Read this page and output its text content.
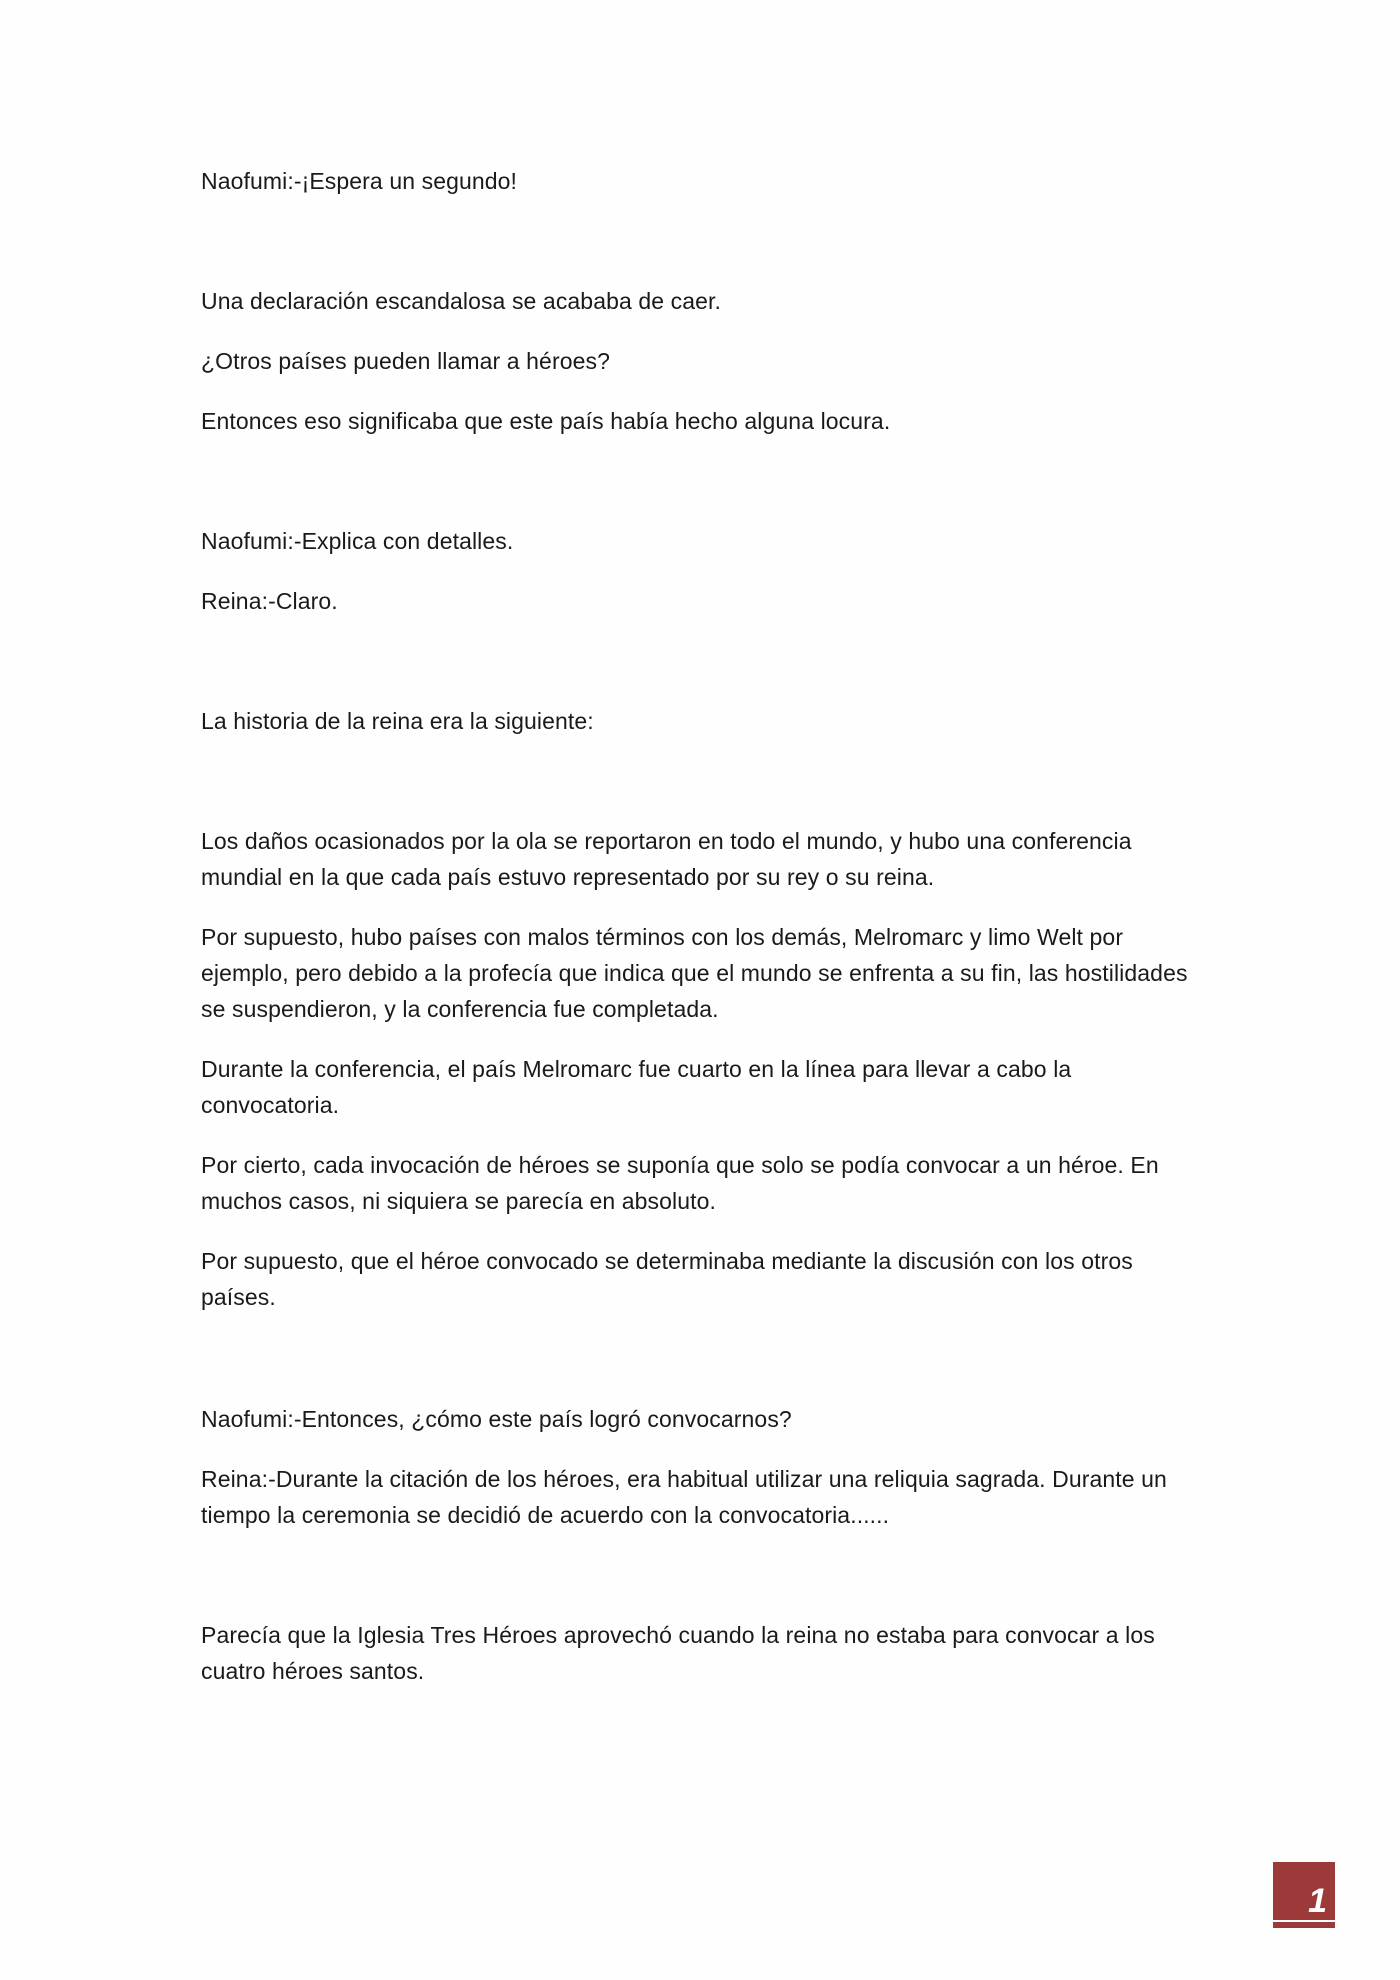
Naofumi:-¡Espera un segundo!

Una declaración escandalosa se acababa de caer.

¿Otros países pueden llamar a héroes?

Entonces eso significaba que este país había hecho alguna locura.

Naofumi:-Explica con detalles.

Reina:-Claro.

La historia de la reina era la siguiente:

Los daños ocasionados por la ola se reportaron en todo el mundo, y hubo una conferencia mundial en la que cada país estuvo representado por su rey o su reina.

Por supuesto, hubo países con malos términos con los demás, Melromarc y limo Welt por ejemplo, pero debido a la profecía que indica que el mundo se enfrenta a su fin, las hostilidades se suspendieron, y la conferencia fue completada.

Durante la conferencia, el país Melromarc fue cuarto en la línea para llevar a cabo la convocatoria.

Por cierto, cada invocación de héroes se suponía que solo se podía convocar a un héroe. En muchos casos, ni siquiera se parecía en absoluto.

Por supuesto, que el héroe convocado se determinaba mediante la discusión con los otros países.

Naofumi:-Entonces, ¿cómo este país logró convocarnos?

Reina:-Durante la citación de los héroes, era habitual utilizar una reliquia sagrada. Durante un tiempo la ceremonia se decidió de acuerdo con la convocatoria......

Parecía que la Iglesia Tres Héroes aprovechó cuando la reina no estaba para convocar a los cuatro héroes santos.

1
